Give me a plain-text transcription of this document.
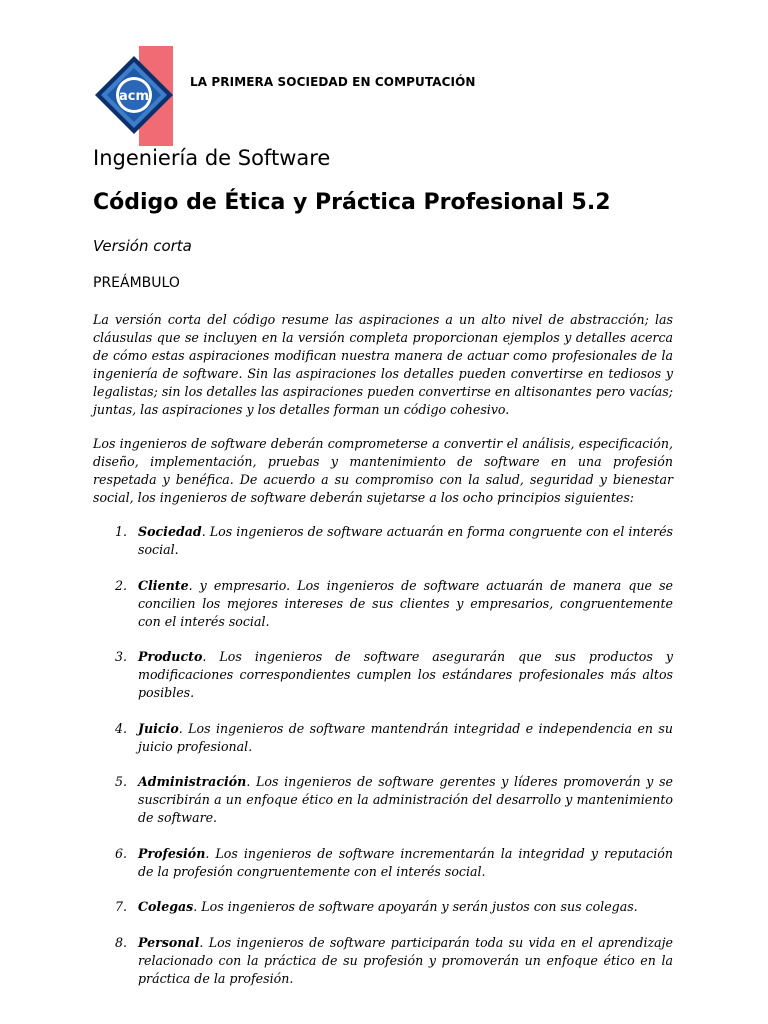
acm
LA PRIMERA SOCIEDAD EN COMPUTACIÓN
Ingeniería de Software
Código de Ética y Práctica Profesional 5.2
Versión corta
PREÁMBULO
La versión corta del código resume las aspiraciones a un alto nivel de abstracción; las cláusulas que se incluyen en la versión completa proporcionan ejemplos y detalles acerca de cómo estas aspiraciones modifican nuestra manera de actuar como profesionales de la ingeniería de software. Sin las aspiraciones los detalles pueden convertirse en tediosos y legalistas; sin los detalles las aspiraciones pueden convertirse en altisonantes pero vacías; juntas, las aspiraciones y los detalles forman un código cohesivo.
Los ingenieros de software deberán comprometerse a convertir el análisis, especificación, diseño, implementación, pruebas y mantenimiento de software en una profesión respetada y benéfica. De acuerdo a su compromiso con la salud, seguridad y bienestar social, los ingenieros de software deberán sujetarse a los ocho principios siguientes:
1. Sociedad. Los ingenieros de software actuarán en forma congruente con el interés social.
2. Cliente. y empresario. Los ingenieros de software actuarán de manera que se concilien los mejores intereses de sus clientes y empresarios, congruentemente con el interés social.
3. Producto. Los ingenieros de software asegurarán que sus productos y modificaciones correspondientes cumplen los estándares profesionales más altos posibles.
4. Juicio. Los ingenieros de software mantendrán integridad e independencia en su juicio profesional.
5. Administración. Los ingenieros de software gerentes y líderes promoverán y se suscribirán a un enfoque ético en la administración del desarrollo y mantenimiento de software.
6. Profesión. Los ingenieros de software incrementarán la integridad y reputación de la profesión congruentemente con el interés social.
7. Colegas. Los ingenieros de software apoyarán y serán justos con sus colegas.
8. Personal. Los ingenieros de software participarán toda su vida en el aprendizaje relacionado con la práctica de su profesión y promoverán un enfoque ético en la práctica de la profesión.
